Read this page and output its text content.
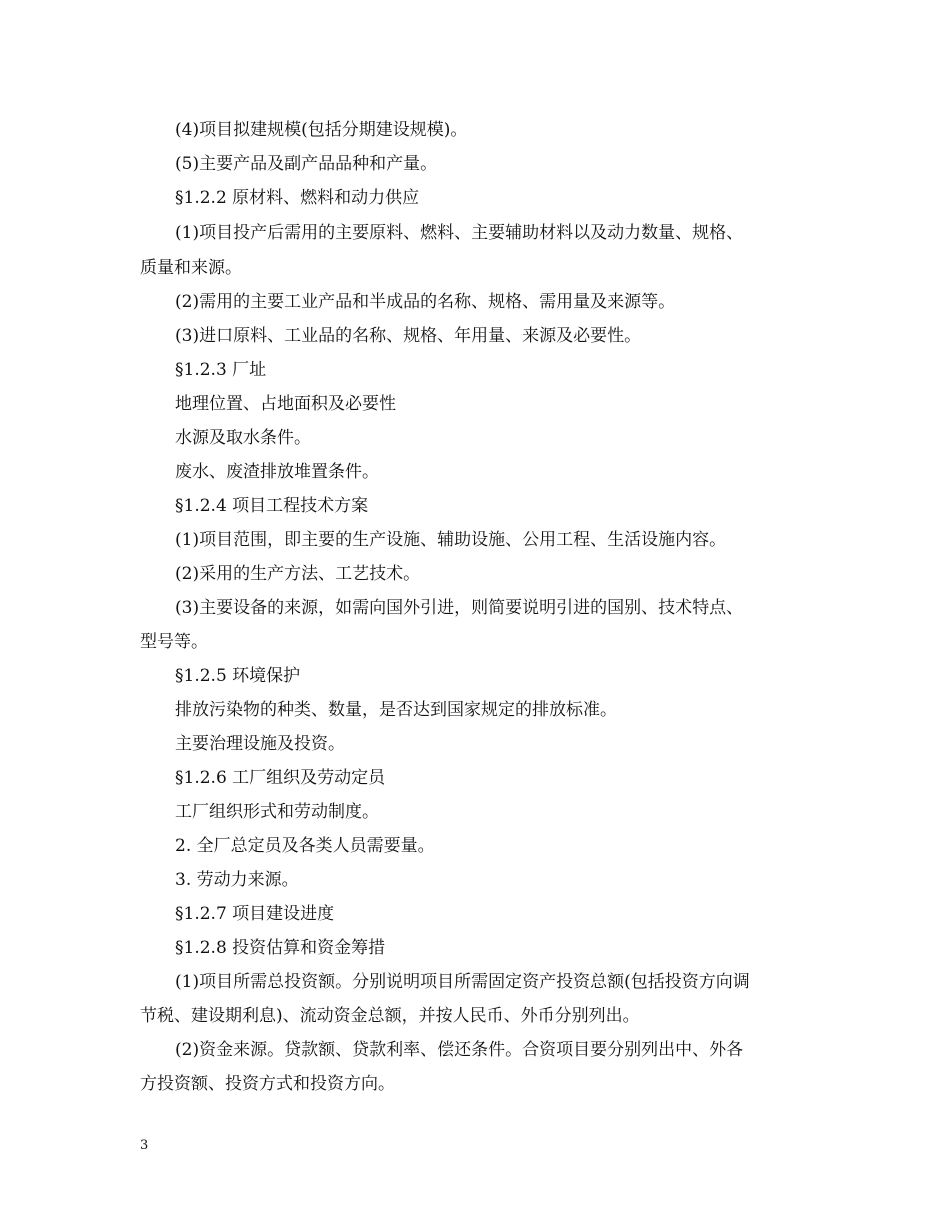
(4)项目拟建规模(包括分期建设规模)。
(5)主要产品及副产品品种和产量。
§1.2.2 原材料、燃料和动力供应
(1)项目投产后需用的主要原料、燃料、主要辅助材料以及动力数量、规格、
质量和来源。
(2)需用的主要工业产品和半成品的名称、规格、需用量及来源等。
(3)进口原料、工业品的名称、规格、年用量、来源及必要性。
§1.2.3 厂址
地理位置、占地面积及必要性
水源及取水条件。
废水、废渣排放堆置条件。
§1.2.4 项目工程技术方案
(1)项目范围，即主要的生产设施、辅助设施、公用工程、生活设施内容。
(2)采用的生产方法、工艺技术。
(3)主要设备的来源，如需向国外引进，则简要说明引进的国别、技术特点、
型号等。
§1.2.5 环境保护
排放污染物的种类、数量，是否达到国家规定的排放标准。
主要治理设施及投资。
§1.2.6 工厂组织及劳动定员
工厂组织形式和劳动制度。
2. 全厂总定员及各类人员需要量。
3. 劳动力来源。
§1.2.7 项目建设进度
§1.2.8 投资估算和资金筹措
(1)项目所需总投资额。分别说明项目所需固定资产投资总额(包括投资方向调
节税、建设期利息)、流动资金总额，并按人民币、外币分别列出。
(2)资金来源。贷款额、贷款利率、偿还条件。合资项目要分别列出中、外各
方投资额、投资方式和投资方向。
3
